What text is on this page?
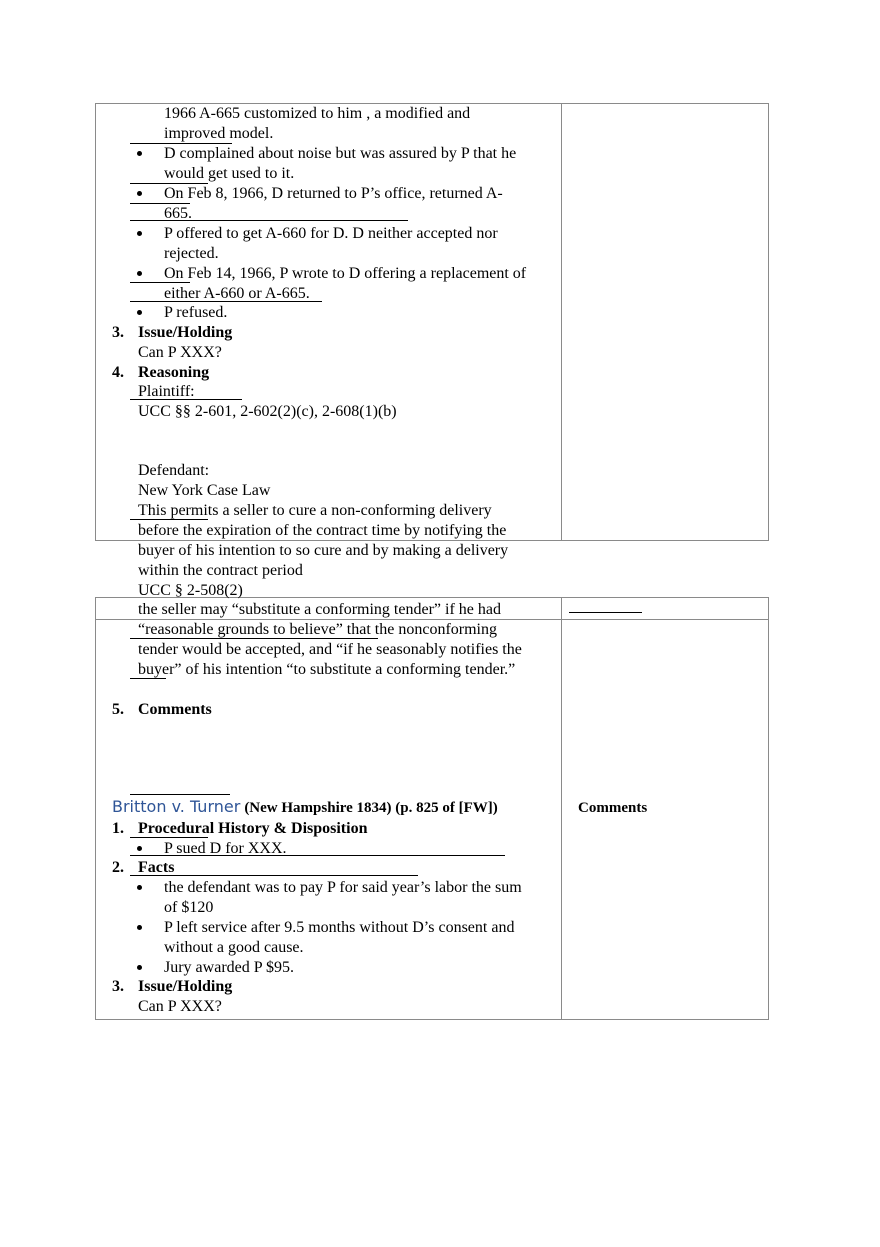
1966 A-665 customized to him , a modified and
improved model.
D complained about noise but was assured by P that he
would get used to it.
On Feb 8, 1966, D returned to P’s office, returned A-
665.
P offered to get A-660 for D. D neither accepted nor
rejected.
On Feb 14, 1966, P wrote to D offering a replacement of
either A-660 or A-665.
P refused.
3. Issue/Holding
Can P XXX?
4. Reasoning
Plaintiff:
UCC §§ 2-601, 2-602(2)(c), 2-608(1)(b)
Defendant:
New York Case Law
This permits a seller to cure a non-conforming delivery
before the expiration of the contract time by notifying the
buyer of his intention to so cure and by making a delivery
within the contract period
UCC § 2-508(2)
the seller may “substitute a conforming tender” if he had
“reasonable grounds to believe” that the nonconforming
tender would be accepted, and “if he seasonably notifies the
buyer” of his intention “to substitute a conforming tender.”
5. Comments
Britton v. Turner (New Hampshire 1834) (p. 825 of [FW])	Comments
1. Procedural History & Disposition
P sued D for XXX.
2. Facts
the defendant was to pay P for said year’s labor the sum
of $120
P left service after 9.5 months without D’s consent and
without a good cause.
Jury awarded P $95.
3. Issue/Holding
Can P XXX?
